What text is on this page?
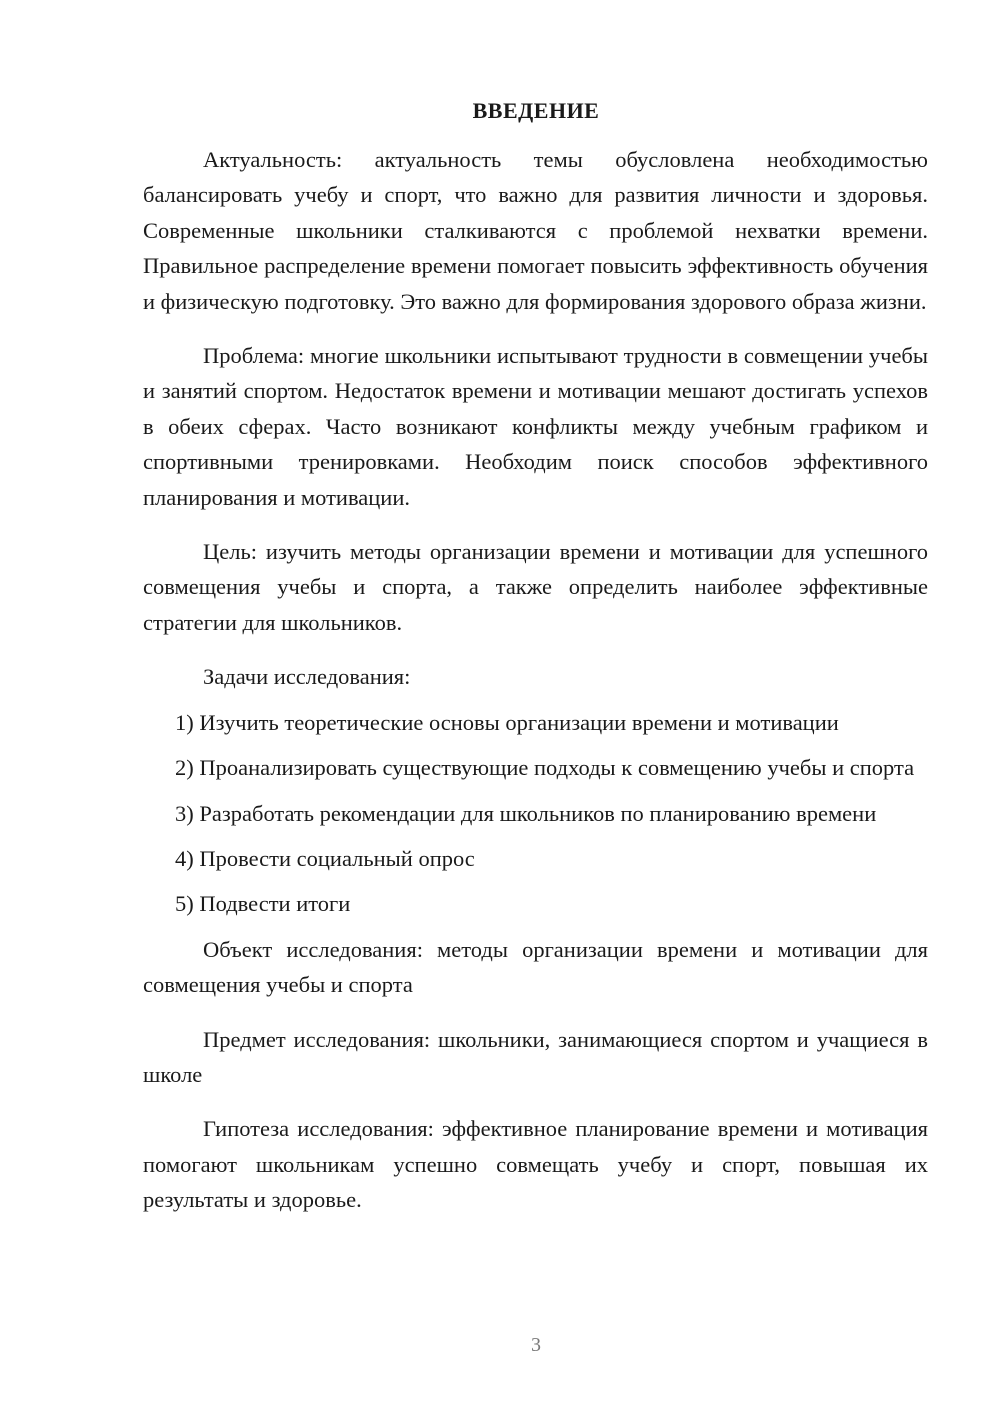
ВВЕДЕНИЕ

Актуальность: актуальность темы обусловлена необходимостью балансировать учебу и спорт, что важно для развития личности и здоровья. Современные школьники сталкиваются с проблемой нехватки времени. Правильное распределение времени помогает повысить эффективность обучения и физическую подготовку. Это важно для формирования здорового образа жизни.

Проблема: многие школьники испытывают трудности в совмещении учебы и занятий спортом. Недостаток времени и мотивации мешают достигать успехов в обеих сферах. Часто возникают конфликты между учебным графиком и спортивными тренировками. Необходим поиск способов эффективного планирования и мотивации.

Цель: изучить методы организации времени и мотивации для успешного совмещения учебы и спорта, а также определить наиболее эффективные стратегии для школьников.

Задачи исследования:

1) Изучить теоретические основы организации времени и мотивации

2) Проанализировать существующие подходы к совмещению учебы и спорта

3) Разработать рекомендации для школьников по планированию времени

4) Провести социальный опрос

5) Подвести итоги

Объект исследования: методы организации времени и мотивации для совмещения учебы и спорта

Предмет исследования: школьники, занимающиеся спортом и учащиеся в школе

Гипотеза исследования: эффективное планирование времени и мотивация помогают школьникам успешно совмещать учебу и спорт, повышая их результаты и здоровье.

3
